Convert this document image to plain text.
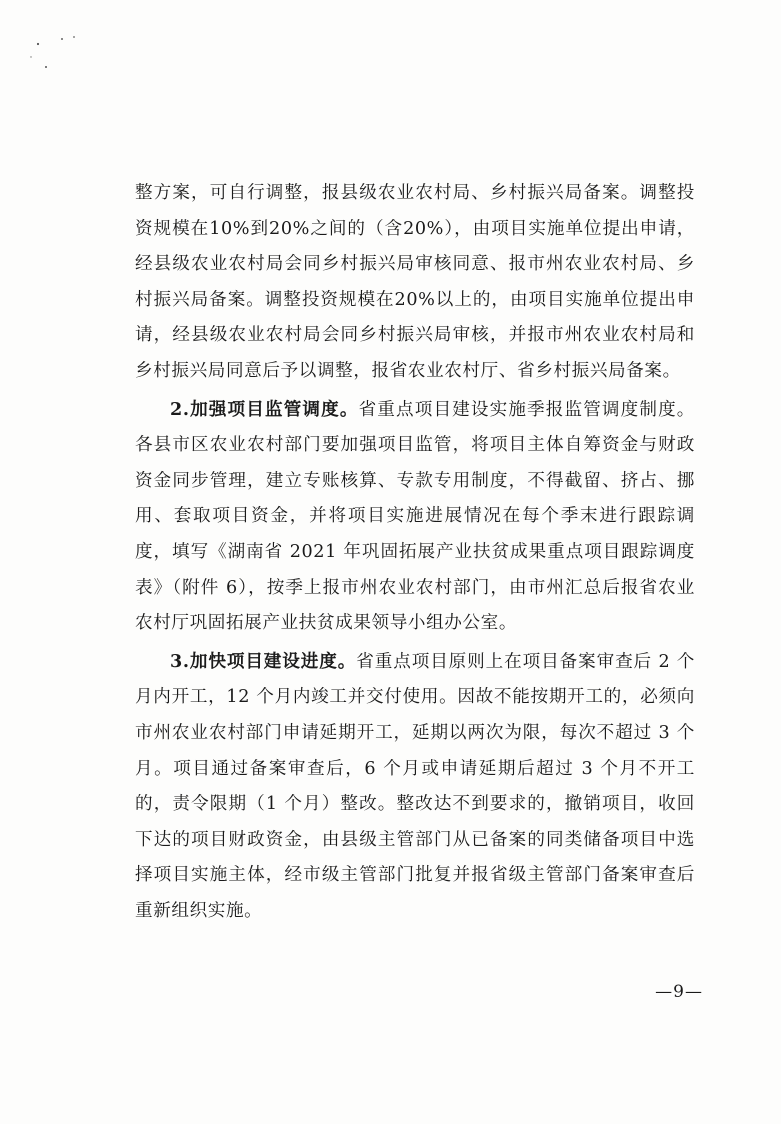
整方案，可自行调整，报县级农业农村局、乡村振兴局备案。调整投资规模在10%到20%之间的（含20%），由项目实施单位提出申请，经县级农业农村局会同乡村振兴局审核同意、报市州农业农村局、乡村振兴局备案。调整投资规模在20%以上的，由项目实施单位提出申请，经县级农业农村局会同乡村振兴局审核，并报市州农业农村局和乡村振兴局同意后予以调整，报省农业农村厅、省乡村振兴局备案。

2.加强项目监管调度。省重点项目建设实施季报监管调度制度。各县市区农业农村部门要加强项目监管，将项目主体自筹资金与财政资金同步管理，建立专账核算、专款专用制度，不得截留、挤占、挪用、套取项目资金，并将项目实施进展情况在每个季末进行跟踪调度，填写《湖南省 2021 年巩固拓展产业扶贫成果重点项目跟踪调度表》（附件 6），按季上报市州农业农村部门，由市州汇总后报省农业农村厅巩固拓展产业扶贫成果领导小组办公室。

3.加快项目建设进度。省重点项目原则上在项目备案审查后 2 个月内开工，12 个月内竣工并交付使用。因故不能按期开工的，必须向市州农业农村部门申请延期开工，延期以两次为限，每次不超过 3 个月。项目通过备案审查后，6 个月或申请延期后超过 3 个月不开工的，责令限期（1 个月）整改。整改达不到要求的，撤销项目，收回下达的项目财政资金，由县级主管部门从已备案的同类储备项目中选择项目实施主体，经市级主管部门批复并报省级主管部门备案审查后重新组织实施。

—9—
